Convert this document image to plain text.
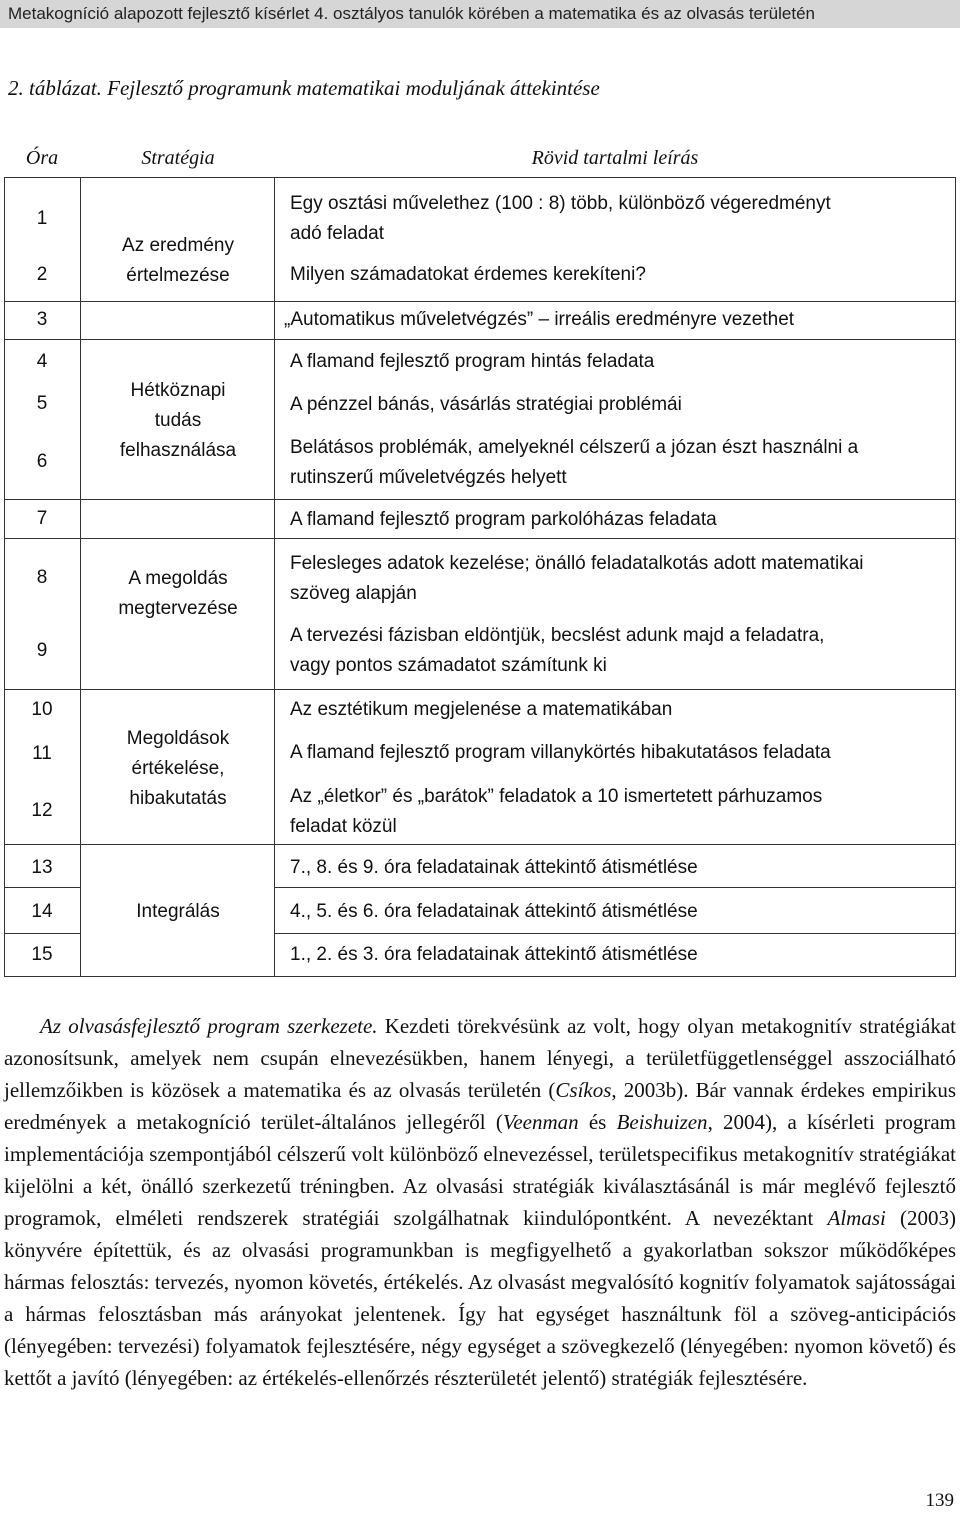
Metakogníció alapozott fejlesztő kísérlet 4. osztályos tanulók körében a matematika és az olvasás területén
2. táblázat. Fejlesztő programunk matematikai moduljának áttekintése
Óra	Stratégia	Rövid tartalmi leírás
1
2
3
4
5
6
7
8
9
10
11
12
13
14
15
Az eredmény
értelmezése
Hétköznapi
tudás
felhasználása
A megoldás
megtervezése
Megoldások
értékelése,
hibakutatás
Integrálás
Egy osztási művelethez (100 : 8) több, különböző végeredményt
adó feladat
Milyen számadatokat érdemes kerekíteni?
„Automatikus műveletvégzés” – irreális eredményre vezethet
A flamand fejlesztő program hintás feladata
A pénzzel bánás, vásárlás stratégiai problémái
Belátásos problémák, amelyeknél célszerű a józan észt használni a
rutinszerű műveletvégzés helyett
A flamand fejlesztő program parkolóházas feladata
Felesleges adatok kezelése; önálló feladatalkotás adott matematikai
szöveg alapján
A tervezési fázisban eldöntjük, becslést adunk majd a feladatra,
vagy pontos számadatot számítunk ki
Az esztétikum megjelenése a matematikában
A flamand fejlesztő program villanykörtés hibakutatásos feladata
Az „életkor” és „barátok” feladatok a 10 ismertetett párhuzamos
feladat közül
7., 8. és 9. óra feladatainak áttekintő átismétlése
4., 5. és 6. óra feladatainak áttekintő átismétlése
1., 2. és 3. óra feladatainak áttekintő átismétlése
Az olvasásfejlesztő program szerkezete. Kezdeti törekvésünk az volt, hogy olyan metakognitív stratégiákat azonosítsunk, amelyek nem csupán elnevezésükben, hanem lényegi, a területfüggetlenséggel asszociálható jellemzőikben is közösek a matematika és az olvasás területén (Csíkos, 2003b). Bár vannak érdekes empirikus eredmények a metakogníció terület-általános jellegéről (Veenman és Beishuizen, 2004), a kísérleti program implementációja szempontjából célszerű volt különböző elnevezéssel, területspecifikus metakognitív stratégiákat kijelölni a két, önálló szerkezetű tréningben. Az olvasási stratégiák kiválasztásánál is már meglévő fejlesztő programok, elméleti rendszerek stratégiái szolgálhatnak kiindulópontként. A nevezéktant Almasi (2003) könyvére építettük, és az olvasási programunkban is megfigyelhető a gyakorlatban sokszor működőképes hármas felosztás: tervezés, nyomon követés, értékelés. Az olvasást megvalósító kognitív folyamatok sajátosságai a hármas felosztásban más arányokat jelentenek. Így hat egységet használtunk föl a szöveg-anticipációs (lényegében: tervezési) folyamatok fejlesztésére, négy egységet a szövegkezelő (lényegében: nyomon követő) és kettőt a javító (lényegében: az értékelés-ellenőrzés részterületét jelentő) stratégiák fejlesztésére.
139
